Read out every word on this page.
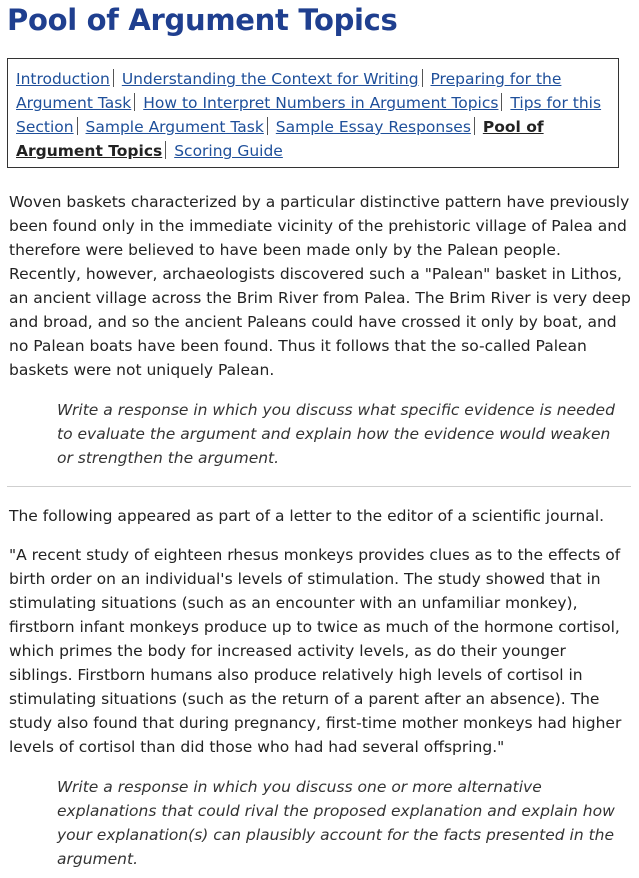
Pool of Argument Topics
Introduction Understanding the Context for Writing Preparing for the Argument Task How to Interpret Numbers in Argument Topics Tips for this Section Sample Argument Task Sample Essay Responses Pool of Argument Topics Scoring Guide

Woven baskets characterized by a particular distinctive pattern have previously been found only in the immediate vicinity of the prehistoric village of Palea and therefore were believed to have been made only by the Palean people. Recently, however, archaeologists discovered such a "Palean" basket in Lithos, an ancient village across the Brim River from Palea. The Brim River is very deep and broad, and so the ancient Paleans could have crossed it only by boat, and no Palean boats have been found. Thus it follows that the so-called Palean baskets were not uniquely Palean.

Write a response in which you discuss what specific evidence is needed to evaluate the argument and explain how the evidence would weaken or strengthen the argument.

The following appeared as part of a letter to the editor of a scientific journal.

"A recent study of eighteen rhesus monkeys provides clues as to the effects of birth order on an individual's levels of stimulation. The study showed that in stimulating situations (such as an encounter with an unfamiliar monkey), firstborn infant monkeys produce up to twice as much of the hormone cortisol, which primes the body for increased activity levels, as do their younger siblings. Firstborn humans also produce relatively high levels of cortisol in stimulating situations (such as the return of a parent after an absence). The study also found that during pregnancy, first-time mother monkeys had higher levels of cortisol than did those who had had several offspring."

Write a response in which you discuss one or more alternative explanations that could rival the proposed explanation and explain how your explanation(s) can plausibly account for the facts presented in the argument.
